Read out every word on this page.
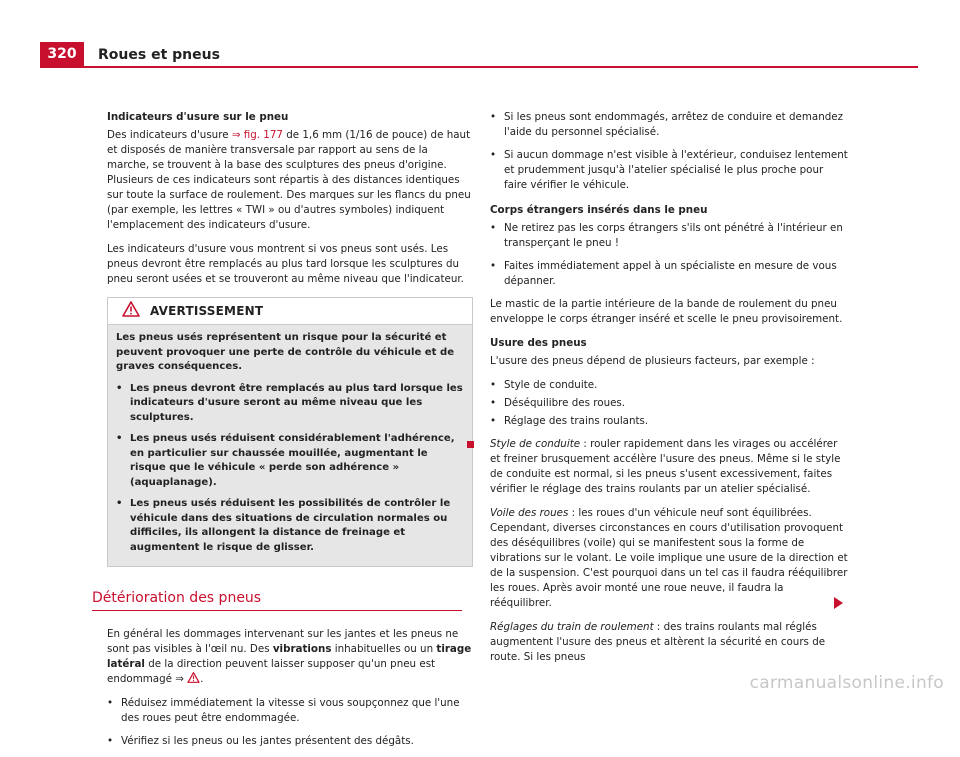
320	Roues et pneus
Indicateurs d'usure sur le pneu

Des indicateurs d'usure ⇒ fig. 177 de 1,6 mm (1/16 de pouce) de haut et disposés de manière transversale par rapport au sens de la marche, se trouvent à la base des sculptures des pneus d'origine. Plusieurs de ces indicateurs sont répartis à des distances identiques sur toute la surface de roulement. Des marques sur les flancs du pneu (par exemple, les lettres « TWI » ou d'autres symboles) indiquent l'emplacement des indicateurs d'usure.

Les indicateurs d'usure vous montrent si vos pneus sont usés. Les pneus devront être remplacés au plus tard lorsque les sculptures du pneu seront usées et se trouveront au même niveau que l'indicateur.

AVERTISSEMENT

Les pneus usés représentent un risque pour la sécurité et peuvent provoquer une perte de contrôle du véhicule et de graves conséquences.

• Les pneus devront être remplacés au plus tard lorsque les indicateurs d'usure seront au même niveau que les sculptures.
• Les pneus usés réduisent considérablement l'adhérence, en particulier sur chaussée mouillée, augmentant le risque que le véhicule « perde son adhérence » (aquaplanage).
• Les pneus usés réduisent les possibilités de contrôler le véhicule dans des situations de circulation normales ou difficiles, ils allongent la distance de freinage et augmentent le risque de glisser.
Détérioration des pneus

En général les dommages intervenant sur les jantes et les pneus ne sont pas visibles à l'œil nu. Des vibrations inhabituelles ou un tirage latéral de la direction peuvent laisser supposer qu'un pneu est endommagé ⇒ .

• Réduisez immédiatement la vitesse si vous soupçonnez que l'une des roues peut être endommagée.
• Vérifiez si les pneus ou les jantes présentent des dégâts.
• Si les pneus sont endommagés, arrêtez de conduire et demandez l'aide du personnel spécialisé.
• Si aucun dommage n'est visible à l'extérieur, conduisez lentement et prudemment jusqu'à l'atelier spécialisé le plus proche pour faire vérifier le véhicule.
Corps étrangers insérés dans le pneu
• Ne retirez pas les corps étrangers s'ils ont pénétré à l'intérieur en transperçant le pneu !
• Faites immédiatement appel à un spécialiste en mesure de vous dépanner.

Le mastic de la partie intérieure de la bande de roulement du pneu enveloppe le corps étranger inséré et scelle le pneu provisoirement.

Usure des pneus

L'usure des pneus dépend de plusieurs facteurs, par exemple :

• Style de conduite.
• Déséquilibre des roues.
• Réglage des trains roulants.

Style de conduite : rouler rapidement dans les virages ou accélérer et freiner brusquement accélère l'usure des pneus. Même si le style de conduite est normal, si les pneus s'usent excessivement, faites vérifier le réglage des trains roulants par un atelier spécialisé.

Voile des roues : les roues d'un véhicule neuf sont équilibrées. Cependant, diverses circonstances en cours d'utilisation provoquent des déséquilibres (voile) qui se manifestent sous la forme de vibrations sur le volant. Le voile implique une usure de la direction et de la suspension. C'est pourquoi dans un tel cas il faudra rééquilibrer les roues. Après avoir monté une roue neuve, il faudra la rééquilibrer.

Réglages du train de roulement : des trains roulants mal réglés augmentent l'usure des pneus et altèrent la sécurité en cours de route. Si les pneus

carmanualsonline.info
